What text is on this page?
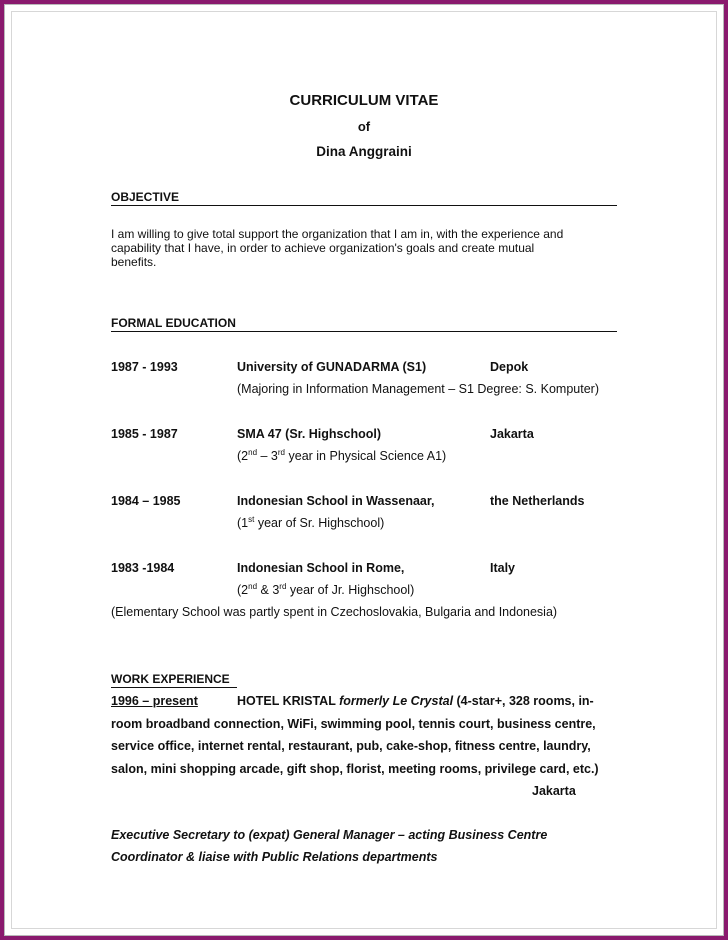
CURRICULUM VITAE
of
Dina Anggraini
OBJECTIVE
I am willing to give total support the organization that I am in, with the experience and
capability that I have, in order to achieve organization's goals and create mutual
benefits.
FORMAL EDUCATION
1987 - 1993	University of GUNADARMA (S1)	Depok
(Majoring in Information Management – S1 Degree: S. Komputer)
1985 - 1987	SMA 47 (Sr. Highschool)	Jakarta
(2nd – 3rd year in Physical Science A1)
1984 – 1985	Indonesian School in Wassenaar,	the Netherlands
(1st year of Sr. Highschool)
1983 -1984	Indonesian School in Rome,	Italy
(2nd & 3rd year of Jr. Highschool)
(Elementary School was partly spent in Czechoslovakia, Bulgaria and Indonesia)
WORK EXPERIENCE
1996 – present	HOTEL KRISTAL formerly Le Crystal (4-star+, 328 rooms, in-
room broadband connection, WiFi, swimming pool, tennis court, business centre,
service office, internet rental, restaurant, pub, cake-shop, fitness centre, laundry,
salon, mini shopping arcade, gift shop, florist, meeting rooms, privilege card, etc.)
Jakarta
Executive Secretary to (expat) General Manager – acting Business Centre
Coordinator & liaise with Public Relations departments
